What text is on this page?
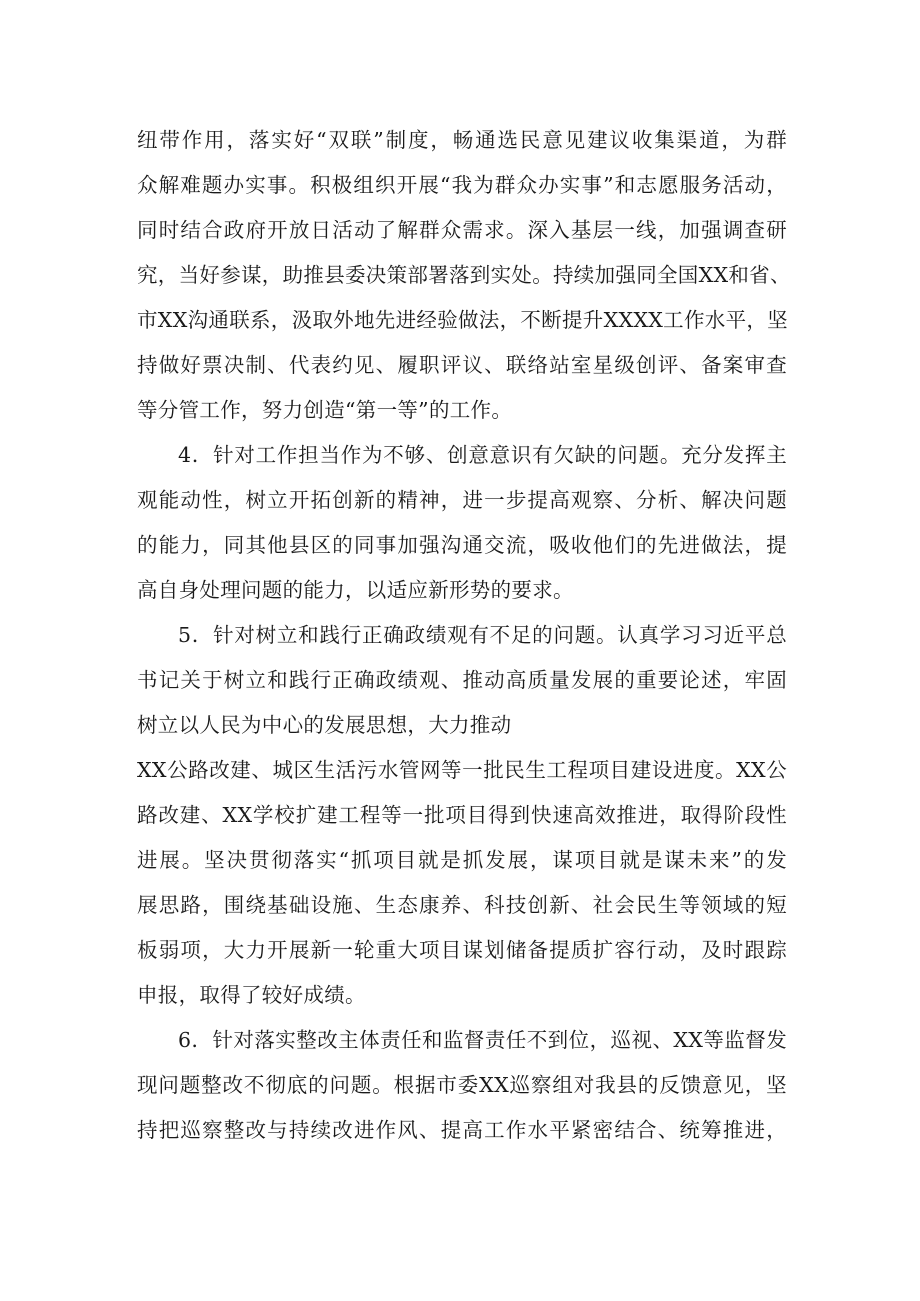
纽带作用，落实好“双联”制度，畅通选民意见建议收集渠道，为群
众解难题办实事。积极组织开展“我为群众办实事”和志愿服务活动，
同时结合政府开放日活动了解群众需求。深入基层一线，加强调查研
究，当好参谋，助推县委决策部署落到实处。持续加强同全国XX和省、
市XX沟通联系，汲取外地先进经验做法，不断提升XXXX工作水平，坚
持做好票决制、代表约见、履职评议、联络站室星级创评、备案审查
等分管工作，努力创造“第一等”的工作。
4．针对工作担当作为不够、创意意识有欠缺的问题。充分发挥主
观能动性，树立开拓创新的精神，进一步提高观察、分析、解决问题
的能力，同其他县区的同事加强沟通交流，吸收他们的先进做法，提
高自身处理问题的能力，以适应新形势的要求。
5．针对树立和践行正确政绩观有不足的问题。认真学习习近平总
书记关于树立和践行正确政绩观、推动高质量发展的重要论述，牢固
树立以人民为中心的发展思想，大力推动
XX公路改建、城区生活污水管网等一批民生工程项目建设进度。XX公
路改建、XX学校扩建工程等一批项目得到快速高效推进，取得阶段性
进展。坚决贯彻落实“抓项目就是抓发展，谋项目就是谋未来”的发
展思路，围绕基础设施、生态康养、科技创新、社会民生等领域的短
板弱项，大力开展新一轮重大项目谋划储备提质扩容行动，及时跟踪
申报，取得了较好成绩。
6．针对落实整改主体责任和监督责任不到位，巡视、XX等监督发
现问题整改不彻底的问题。根据市委XX巡察组对我县的反馈意见，坚
持把巡察整改与持续改进作风、提高工作水平紧密结合、统筹推进，
